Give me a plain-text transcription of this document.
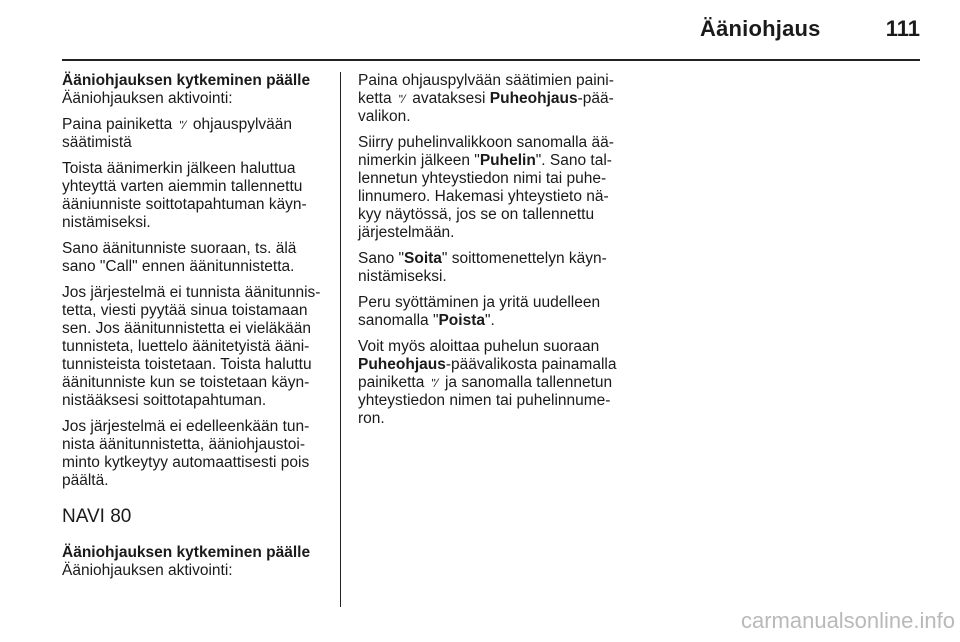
Ääniohjaus	111

Ääniohjauksen kytkeminen päälle

Ääniohjauksen aktivointi:

Paina painiketta ʺ⁄ ohjauspylvään
säätimistä

Toista äänimerkin jälkeen haluttua
yhteyttä varten aiemmin tallennettu
ääniunniste soittotapahtuman käyn-
nistämiseksi.

Sano äänitunniste suoraan, ts. älä
sano "Call" ennen äänitunnistetta.

Jos järjestelmä ei tunnista äänitunnis-
tetta, viesti pyytää sinua toistamaan
sen. Jos äänitunnistetta ei vieläkään
tunnisteta, luettelo äänitetyistä ääni-
tunnisteista toistetaan. Toista haluttu
äänitunniste kun se toistetaan käyn-
nistääksesi soittotapahtuman.

Jos järjestelmä ei edelleenkään tun-
nista äänitunnistetta, ääniohjaustoi-
minto kytkeytyy automaattisesti pois
päältä.

NAVI 80

Ääniohjauksen kytkeminen päälle

Ääniohjauksen aktivointi:

Paina ohjauspylvään säätimien paini-
ketta ʺ⁄ avataksesi Puheohjaus-pää-
valikon.

Siirry puhelinvalikkoon sanomalla ää-
nimerkin jälkeen "Puhelin". Sano tal-
lennetun yhteystiedon nimi tai puhe-
linnumero. Hakemasi yhteystieto nä-
kyy näytössä, jos se on tallennettu
järjestelmään.

Sano "Soita" soittomenettelyn käyn-
nistämiseksi.

Peru syöttäminen ja yritä uudelleen
sanomalla "Poista".

Voit myös aloittaa puhelun suoraan
Puheohjaus-päävalikosta painamalla
painiketta ʺ⁄ ja sanomalla tallennetun
yhteystiedon nimen tai puhelinnume-
ron.

carmanualsonline.info
